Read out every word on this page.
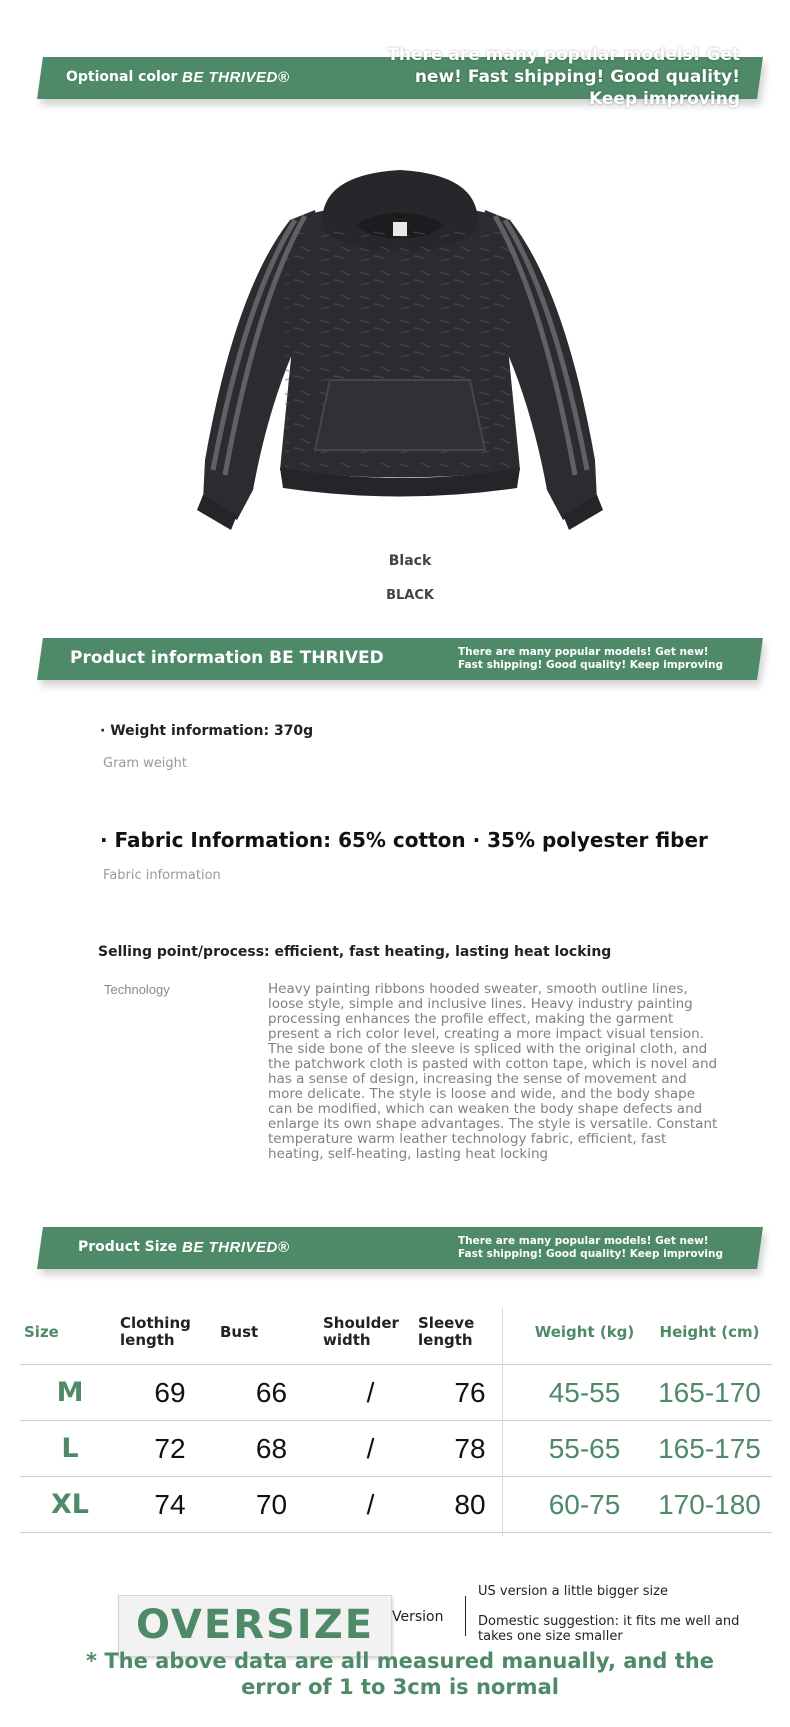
Optional color BE THRIVED®
There are many popular models! Get new! Fast shipping! Good quality! Keep improving
Black
BLACK
Product information BE THRIVED	There are many popular models! Get new! Fast shipping! Good quality! Keep improving
· Weight information: 370g
Gram weight
· Fabric Information: 65% cotton · 35% polyester fiber
Fabric information
Selling point/process: efficient, fast heating, lasting heat locking
Technology	Heavy painting ribbons hooded sweater, smooth outline lines, loose style, simple and inclusive lines. Heavy industry painting processing enhances the profile effect, making the garment present a rich color level, creating a more impact visual tension. The side bone of the sleeve is spliced with the original cloth, and the patchwork cloth is pasted with cotton tape, which is novel and has a sense of design, increasing the sense of movement and more delicate. The style is loose and wide, and the body shape can be modified, which can weaken the body shape defects and enlarge its own shape advantages. The style is versatile. Constant temperature warm leather technology fabric, efficient, fast heating, self-heating, lasting heat locking
Product Size BE THRIVED®	There are many popular models! Get new! Fast shipping! Good quality! Keep improving
Size	Clothing length	Bust	Shoulder width	Sleeve length	Weight (kg)	Height (cm)
M	69	66	/	76	45-55	165-170
L	72	68	/	78	55-65	165-175
XL	74	70	/	80	60-75	170-180
OVERSIZE	Version
US version a little bigger size
Domestic suggestion: it fits me well and takes one size smaller
* The above data are all measured manually, and the error of 1 to 3cm is normal
